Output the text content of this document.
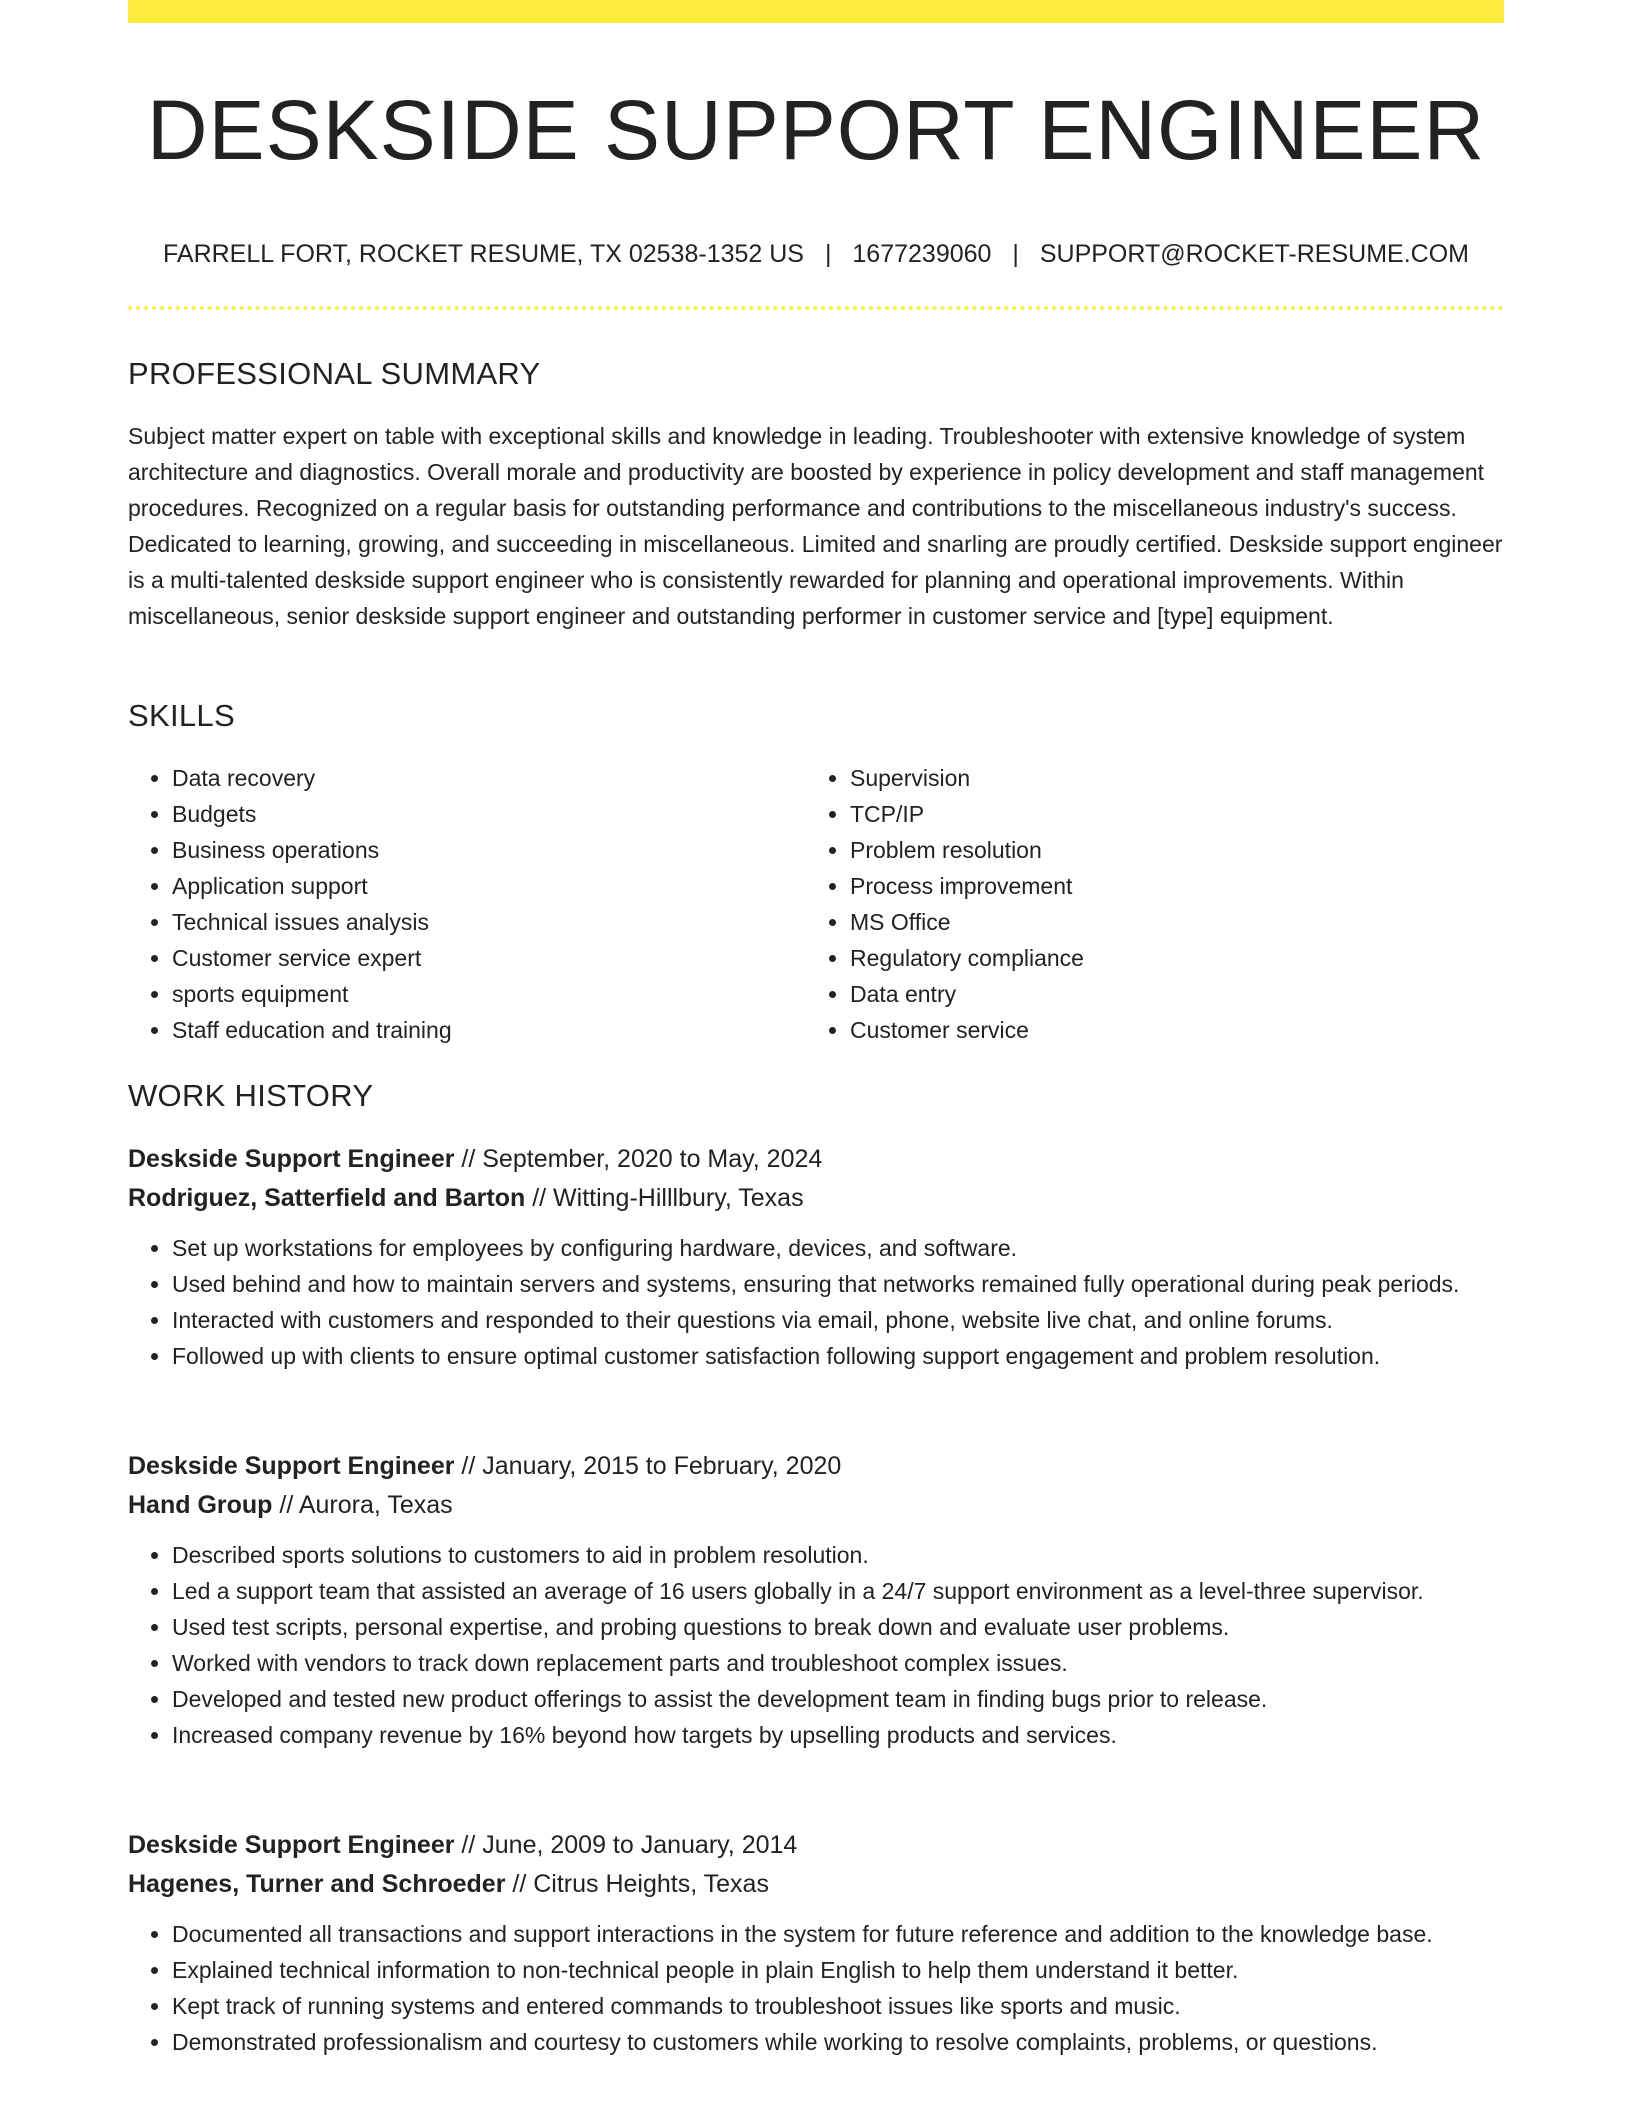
DESKSIDE SUPPORT ENGINEER
FARRELL FORT, ROCKET RESUME, TX 02538-1352 US | 1677239060 | SUPPORT@ROCKET-RESUME.COM
PROFESSIONAL SUMMARY

Subject matter expert on table with exceptional skills and knowledge in leading. Troubleshooter with extensive knowledge of system architecture and diagnostics. Overall morale and productivity are boosted by experience in policy development and staff management procedures. Recognized on a regular basis for outstanding performance and contributions to the miscellaneous industry's success. Dedicated to learning, growing, and succeeding in miscellaneous. Limited and snarling are proudly certified. Deskside support engineer is a multi-talented deskside support engineer who is consistently rewarded for planning and operational improvements. Within miscellaneous, senior deskside support engineer and outstanding performer in customer service and [type] equipment.

SKILLS
• Data recovery
• Budgets
• Business operations
• Application support
• Technical issues analysis
• Customer service expert
• sports equipment
• Staff education and training
• Supervision
• TCP/IP
• Problem resolution
• Process improvement
• MS Office
• Regulatory compliance
• Data entry
• Customer service
WORK HISTORY
Deskside Support Engineer // September, 2020 to May, 2024
Rodriguez, Satterfield and Barton // Witting-Hilllbury, Texas
• Set up workstations for employees by configuring hardware, devices, and software.
• Used behind and how to maintain servers and systems, ensuring that networks remained fully operational during peak periods.
• Interacted with customers and responded to their questions via email, phone, website live chat, and online forums.
• Followed up with clients to ensure optimal customer satisfaction following support engagement and problem resolution.
Deskside Support Engineer // January, 2015 to February, 2020
Hand Group // Aurora, Texas
• Described sports solutions to customers to aid in problem resolution.
• Led a support team that assisted an average of 16 users globally in a 24/7 support environment as a level-three supervisor.
• Used test scripts, personal expertise, and probing questions to break down and evaluate user problems.
• Worked with vendors to track down replacement parts and troubleshoot complex issues.
• Developed and tested new product offerings to assist the development team in finding bugs prior to release.
• Increased company revenue by 16% beyond how targets by upselling products and services.
Deskside Support Engineer // June, 2009 to January, 2014
Hagenes, Turner and Schroeder // Citrus Heights, Texas
• Documented all transactions and support interactions in the system for future reference and addition to the knowledge base.
• Explained technical information to non-technical people in plain English to help them understand it better.
• Kept track of running systems and entered commands to troubleshoot issues like sports and music.
• Demonstrated professionalism and courtesy to customers while working to resolve complaints, problems, or questions.
